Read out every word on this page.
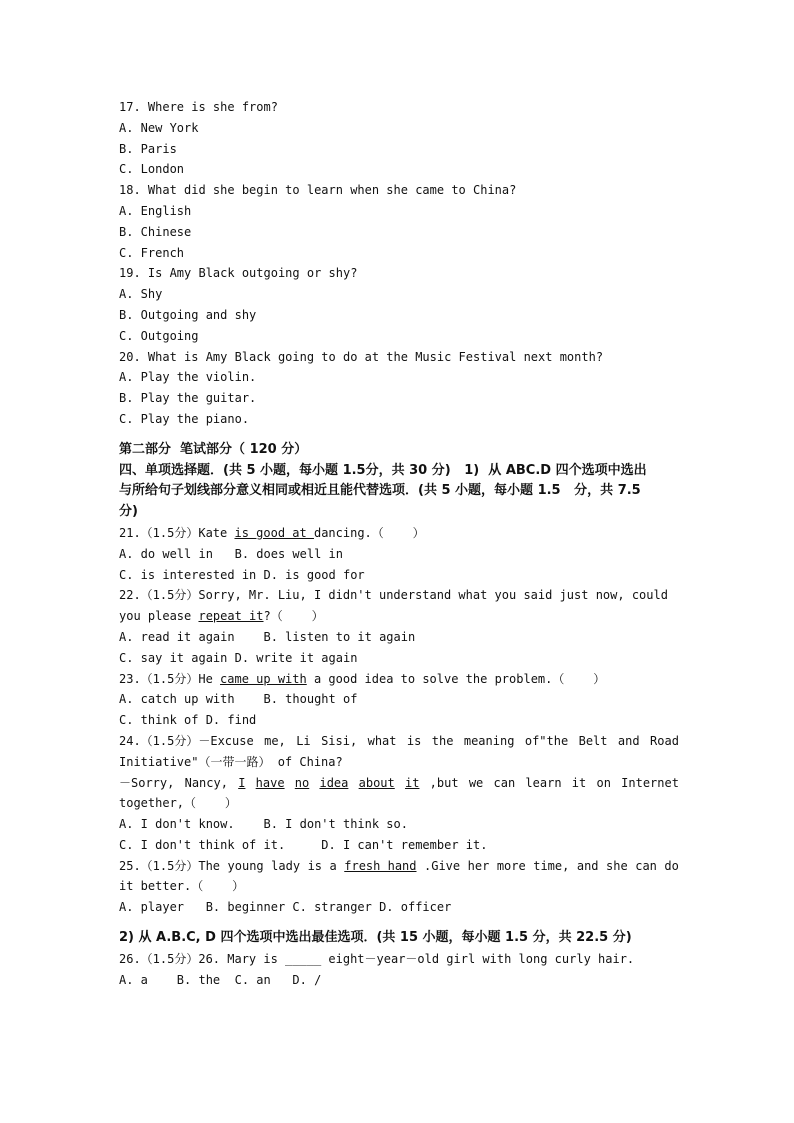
17. Where is she from?
A. New York
B. Paris
C. London
18. What did she begin to learn when she came to China?
A. English
B. Chinese
C. French
19. Is Amy Black outgoing or shy?
A. Shy
B. Outgoing and shy
C. Outgoing
20. What is Amy Black going to do at the Music Festival next month?
A. Play the violin.
B. Play the guitar.
C. Play the piano.
第二部分  笔试部分（ 120 分）
四、单项选择题．(共 5 小题，每小题 1.5分，共 30 分)   1)  从 ABC.D 四个选项中选出
与所给句子划线部分意义相同或相近且能代替选项．(共 5 小题，每小题 1.5   分，共 7.5
分)
21.（1.5分）Kate is good at dancing.（    ）
A. do well in   B. does well in
C. is interested in D. is good for
22.（1.5分）Sorry, Mr. Liu, I didn't understand what you said just now, could
you please repeat it?（    ）
A. read it again    B. listen to it again
C. say it again D. write it again
23.（1.5分）He came up with a good idea to solve the problem.（    ）
A. catch up with    B. thought of
C. think of D. find
24.（1.5分）－Excuse me, Li Sisi, what is the meaning of"the Belt and Road
Initiative"（一带一路） of China?
－Sorry, Nancy, I have no idea about it ,but we can learn it on Internet
together,（    ）
A. I don't know.    B. I don't think so.
C. I don't think of it.     D. I can't remember it.
25.（1.5分）The young lady is a fresh hand .Give her more time, and she can do
it better.（    ）
A. player   B. beginner C. stranger D. officer
2) 从 A.B.C, D 四个选项中选出最佳选项．(共 15 小题，每小题 1.5 分，共 22.5 分)
26.（1.5分）26. Mary is _____ eight－year－old girl with long curly hair.
A. a    B. the  C. an   D. /
